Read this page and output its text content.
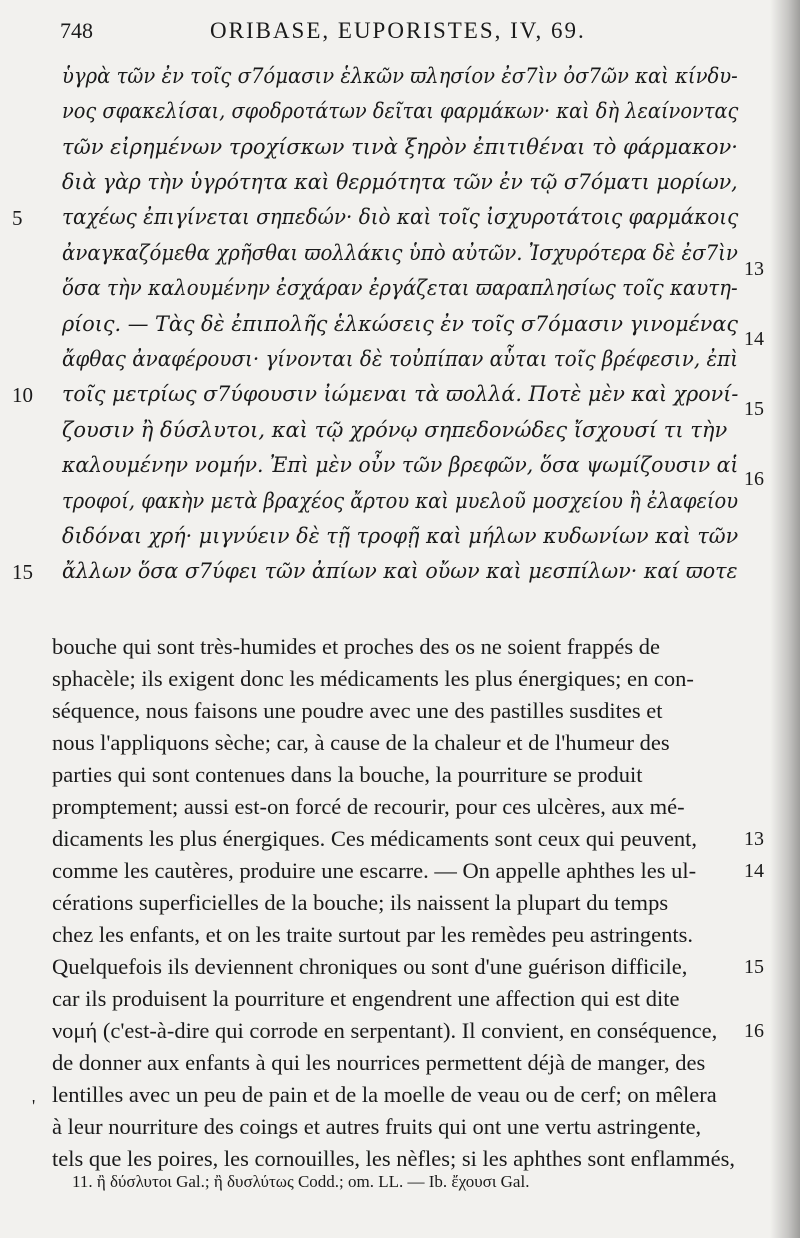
748	ORIBASE, EUPORISTES, IV, 69.
ὑγρὰ τῶν ἐν τοῖς σ7όμασιν ἑλκῶν ϖλησίον ἐσ7ὶν ὀσ7ῶν καὶ κίνδυ-
νος σφακελίσαι, σφοδροτάτων δεῖται φαρμάκων· καὶ δὴ λεαίνοντας
τῶν εἰρημένων τροχίσκων τινὰ ξηρὸν ἐπιτιθέναι τὸ φάρμακον·
διὰ γὰρ τὴν ὑγρότητα καὶ θερμότητα τῶν ἐν τῷ σ7όματι μορίων,
ταχέως ἐπιγίνεται σηπεδών· διὸ καὶ τοῖς ἰσχυροτάτοις φαρμάκοις
ἀναγκαζόμεθα χρῆσθαι ϖολλάκις ὑπὸ αὐτῶν. Ἰσχυρότερα δὲ ἐσ7ὶν
ὅσα τὴν καλουμένην ἐσχάραν ἐργάζεται ϖαραπλησίως τοῖς καυτη-
ρίοις. — Τὰς δὲ ἐπιπολῆς ἑλκώσεις ἐν τοῖς σ7όμασιν γινομένας
ἄφθας ἀναφέρουσι· γίνονται δὲ τοὐπίπαν αὗται τοῖς βρέφεσιν, ἐπὶ
τοῖς μετρίως σ7ύφουσιν ἰώμεναι τὰ ϖολλά. Ποτὲ μὲν καὶ χρονί-
ζουσιν ἢ δύσλυτοι, καὶ τῷ χρόνῳ σηπεδονώδες ἴσχουσί τι τὴν
καλουμένην νομήν. Ἐπὶ μὲν οὖν τῶν βρεφῶν, ὅσα ψωμίζουσιν αἱ
τροφοί, φακὴν μετὰ βραχέος ἄρτου καὶ μυελοῦ μοσχείου ἢ ἐλαφείου
διδόναι χρή· μιγνύειν δὲ τῇ τροφῇ καὶ μήλων κυδωνίων καὶ τῶν
ἄλλων ὅσα σ7ύφει τῶν ἀπίων καὶ οὔων καὶ μεσπίλων· καί ϖοτε
5
10
15
13
14
15
16
bouche qui sont très-humides et proches des os ne soient frappés de
sphacèle; ils exigent donc les médicaments les plus énergiques; en con-
séquence, nous faisons une poudre avec une des pastilles susdites et
nous l'appliquons sèche; car, à cause de la chaleur et de l'humeur des
parties qui sont contenues dans la bouche, la pourriture se produit
promptement; aussi est-on forcé de recourir, pour ces ulcères, aux mé-
dicaments les plus énergiques. Ces médicaments sont ceux qui peuvent,
comme les cautères, produire une escarre. — On appelle aphthes les ul-
cérations superficielles de la bouche; ils naissent la plupart du temps
chez les enfants, et on les traite surtout par les remèdes peu astringents.
Quelquefois ils deviennent chroniques ou sont d'une guérison difficile,
car ils produisent la pourriture et engendrent une affection qui est dite
νομή (c'est-à-dire qui corrode en serpentant). Il convient, en conséquence,
de donner aux enfants à qui les nourrices permettent déjà de manger, des
lentilles avec un peu de pain et de la moelle de veau ou de cerf; on mêlera
à leur nourriture des coings et autres fruits qui ont une vertu astringente,
tels que les poires, les cornouilles, les nèfles; si les aphthes sont enflammés,
13
14
15
16
'
11. ἢ δύσλυτοι Gal.; ἢ δυσλύτως Codd.; om. LL. — Ib. ἔχουσι Gal.
